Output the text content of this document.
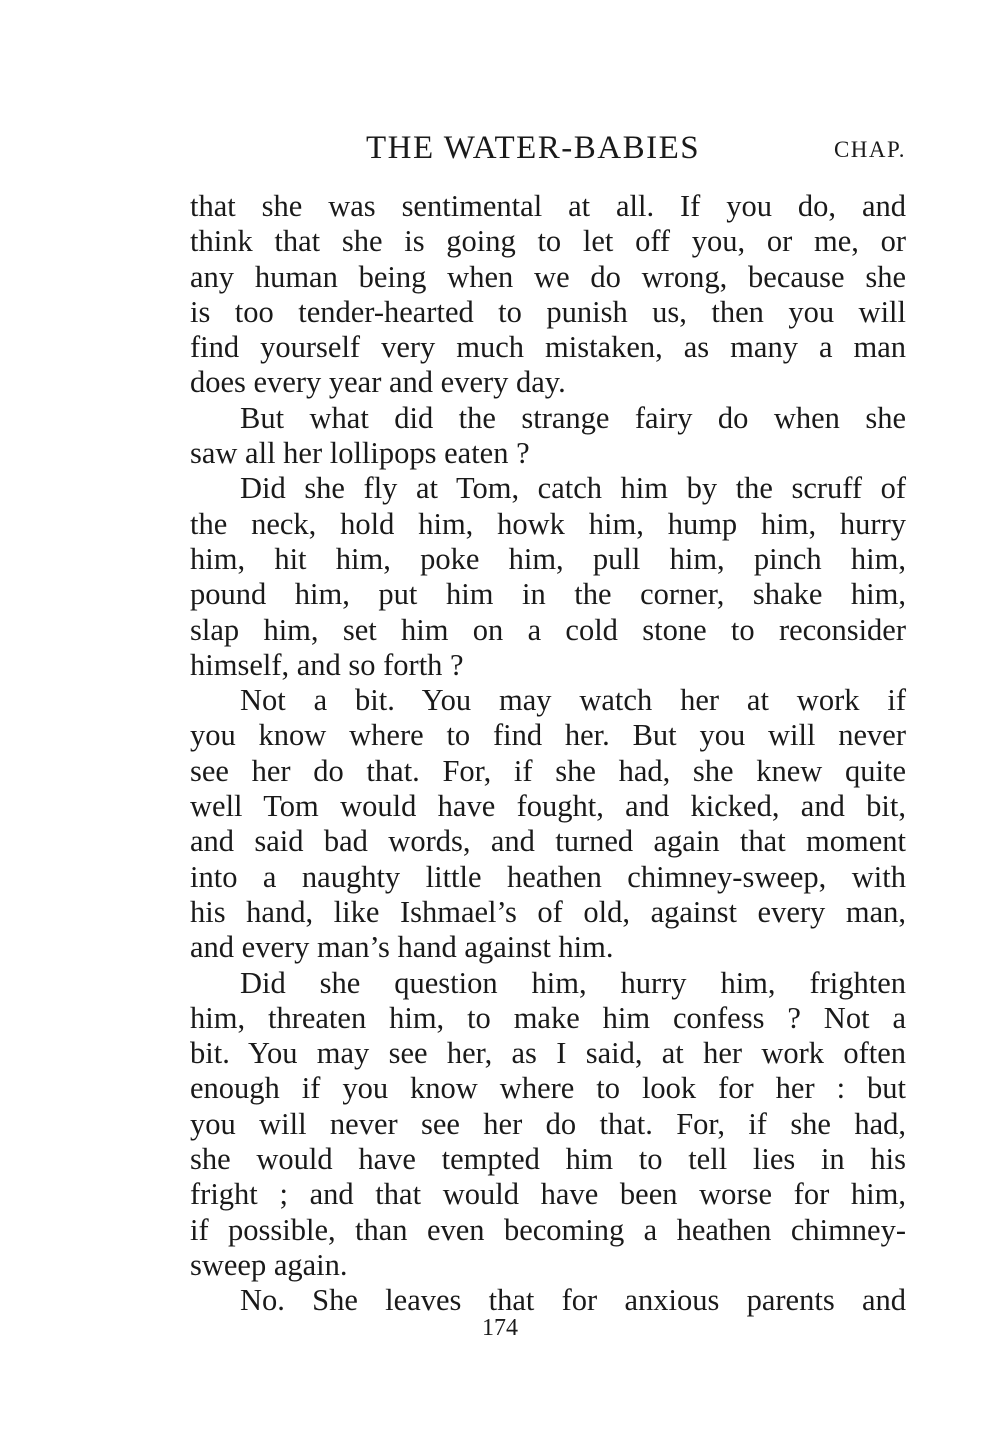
THE WATER-BABIES	CHAP.
that she was sentimental at all. If you do, and
think that she is going to let off you, or me, or
any human being when we do wrong, because she
is too tender-hearted to punish us, then you will
find yourself very much mistaken, as many a man
does every year and every day.
But what did the strange fairy do when she
saw all her lollipops eaten ?
Did she fly at Tom, catch him by the scruff of
the neck, hold him, howk him, hump him, hurry
him, hit him, poke him, pull him, pinch him,
pound him, put him in the corner, shake him,
slap him, set him on a cold stone to reconsider
himself, and so forth ?
Not a bit. You may watch her at work if
you know where to find her. But you will never
see her do that. For, if she had, she knew quite
well Tom would have fought, and kicked, and bit,
and said bad words, and turned again that moment
into a naughty little heathen chimney-sweep, with
his hand, like Ishmael’s of old, against every man,
and every man’s hand against him.
Did she question him, hurry him, frighten
him, threaten him, to make him confess ? Not a
bit. You may see her, as I said, at her work often
enough if you know where to look for her : but
you will never see her do that. For, if she had,
she would have tempted him to tell lies in his
fright ; and that would have been worse for him,
if possible, than even becoming a heathen chimney-
sweep again.
No. She leaves that for anxious parents and
174
